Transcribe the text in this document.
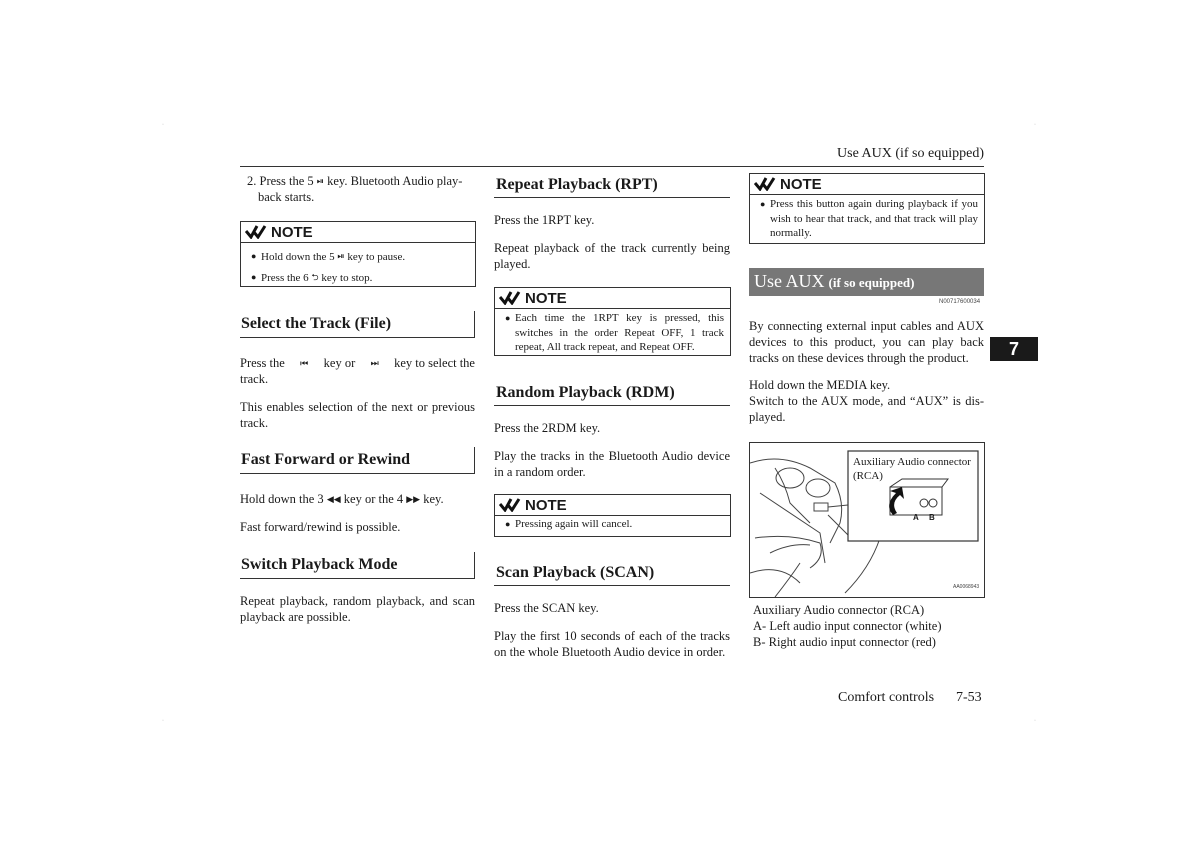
·	·
·	·
Use AUX (if so equipped)
7
2. Press the 5 ⏯ key. Bluetooth Audio play-
back starts.
NOTE
● Hold down the 5 ⏯ key to pause.
● Press the 6 ⮌ key to stop.
Select the Track (File)
Press the ⏮ key or ⏭ key to select the
track.
This enables selection of the next or previous track.
Fast Forward or Rewind
Hold down the 3 ◀◀ key or the 4 ▶▶ key.
Fast forward/rewind is possible.
Switch Playback Mode
Repeat playback, random playback, and scan playback are possible.
Repeat Playback (RPT)
Press the 1RPT key.
Repeat playback of the track currently being played.
NOTE
● Each time the 1RPT key is pressed, this switches in the order Repeat OFF, 1 track repeat, All track repeat, and Repeat OFF.
Random Playback (RDM)
Press the 2RDM key.
Play the tracks in the Bluetooth Audio device in a random order.
NOTE
● Pressing again will cancel.
Scan Playback (SCAN)
Press the SCAN key.
Play the first 10 seconds of each of the tracks on the whole Bluetooth Audio device in order.
NOTE
● Press this button again during playback if you wish to hear that track, and that track will play normally.
Use AUX (if so equipped)
N00717600034
By connecting external input cables and AUX devices to this product, you can play back tracks on these devices through the product.
Hold down the MEDIA key.
Switch to the AUX mode, and “AUX” is dis-played.
Auxiliary Audio connector (RCA)
A B
AA0068943
Auxiliary Audio connector (RCA)
A- Left audio input connector (white)
B- Right audio input connector (red)
Comfort controls 7-53
